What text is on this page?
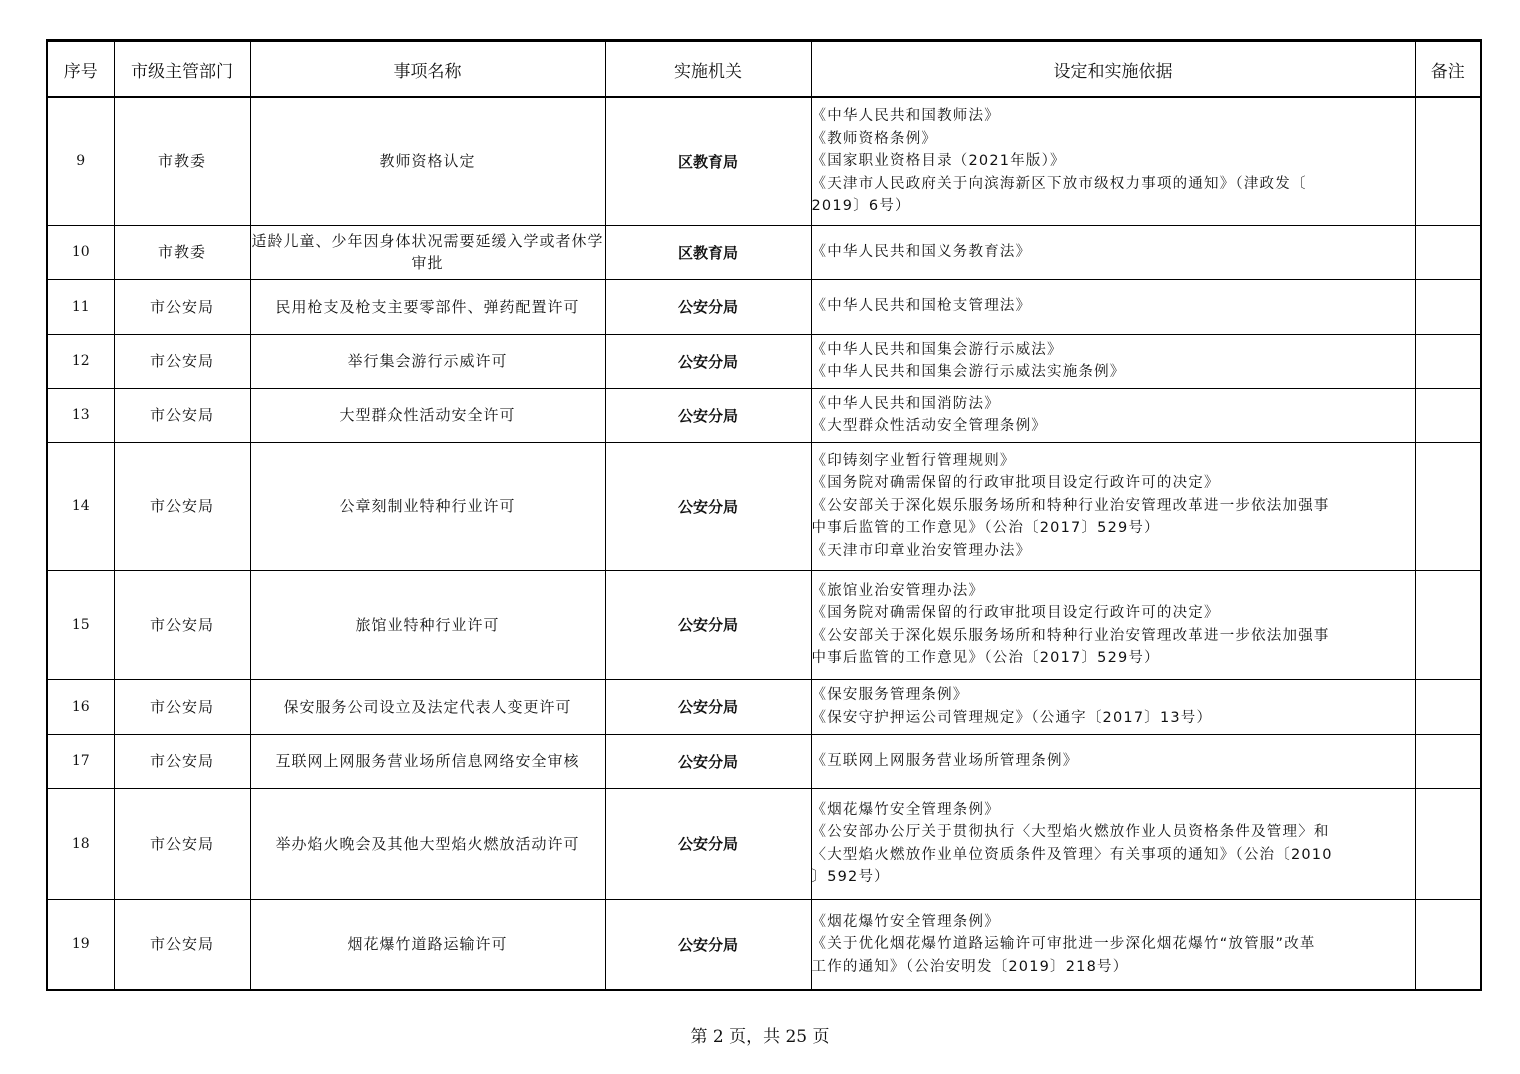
序号	市级主管部门	事项名称	实施机关	设定和实施依据	备注
9	市教委	教师资格认定	区教育局	《中华人民共和国教师法》
《教师资格条例》
《国家职业资格目录（2021年版）》
《天津市人民政府关于向滨海新区下放市级权力事项的通知》（津政发〔
2019〕6号）	

10	市教委	适龄儿童、少年因身体状况需要延缓入学或者休学审批	区教育局	《中华人民共和国义务教育法》	

11	市公安局	民用枪支及枪支主要零部件、弹药配置许可	公安分局	《中华人民共和国枪支管理法》	

12	市公安局	举行集会游行示威许可	公安分局	《中华人民共和国集会游行示威法》
《中华人民共和国集会游行示威法实施条例》	

13	市公安局	大型群众性活动安全许可	公安分局	《中华人民共和国消防法》
《大型群众性活动安全管理条例》	

14	市公安局	公章刻制业特种行业许可	公安分局	《印铸刻字业暂行管理规则》
《国务院对确需保留的行政审批项目设定行政许可的决定》
《公安部关于深化娱乐服务场所和特种行业治安管理改革进一步依法加强事
中事后监管的工作意见》（公治〔2017〕529号）
《天津市印章业治安管理办法》	

15	市公安局	旅馆业特种行业许可	公安分局	《旅馆业治安管理办法》
《国务院对确需保留的行政审批项目设定行政许可的决定》
《公安部关于深化娱乐服务场所和特种行业治安管理改革进一步依法加强事
中事后监管的工作意见》（公治〔2017〕529号）	

16	市公安局	保安服务公司设立及法定代表人变更许可	公安分局	《保安服务管理条例》
《保安守护押运公司管理规定》（公通字〔2017〕13号）	

17	市公安局	互联网上网服务营业场所信息网络安全审核	公安分局	《互联网上网服务营业场所管理条例》	

18	市公安局	举办焰火晚会及其他大型焰火燃放活动许可	公安分局	《烟花爆竹安全管理条例》
《公安部办公厅关于贯彻执行〈大型焰火燃放作业人员资格条件及管理〉和
〈大型焰火燃放作业单位资质条件及管理〉有关事项的通知》（公治〔2010
〕592号）	

19	市公安局	烟花爆竹道路运输许可	公安分局	《烟花爆竹安全管理条例》
《关于优化烟花爆竹道路运输许可审批进一步深化烟花爆竹“放管服”改革
工作的通知》（公治安明发〔2019〕218号）	

第 2 页，共 25 页
